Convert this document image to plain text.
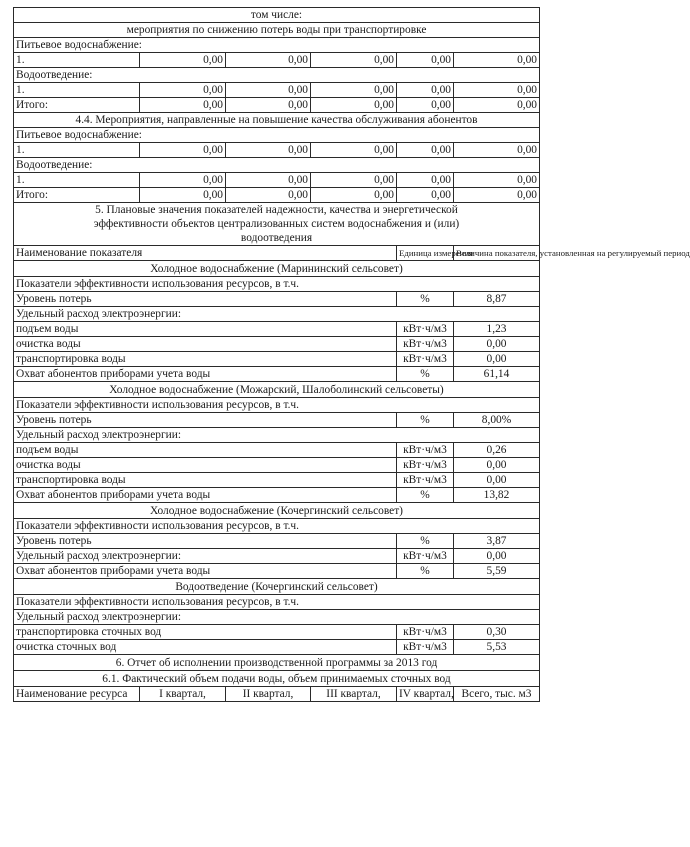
том числе:					
мероприятия по снижению потерь воды при транспортировке					
Питьевое водоснабжение:					
1.	0,00	0,00	0,00	0,00	0,00
Водоотведение:					
1.	0,00	0,00	0,00	0,00	0,00
Итого:	0,00	0,00	0,00	0,00	0,00
4.4. Мероприятия, направленные на повышение качества обслуживания абонентов					
Питьевое водоснабжение:					
1.	0,00	0,00	0,00	0,00	0,00
Водоотведение:					
1.	0,00	0,00	0,00	0,00	0,00
Итого:	0,00	0,00	0,00	0,00	0,00
5. Плановые значения показателей надежности, качества и энергетической					
эффективности объектов централизованных систем водоснабжения и (или)					
водоотведения					
Наименование показателя				Единица измерения	Величина показателя, установленная на регулируемый период
Холодное водоснабжение (Марининский сельсовет)					
Показатели эффективности использования ресурсов, в т.ч.					
Уровень потерь				%	8,87
Удельный расход электроэнергии:					
подъем воды				кВт·ч/м3	1,23
очистка воды				кВт·ч/м3	0,00
транспортировка воды				кВт·ч/м3	0,00
Охват абонентов приборами учета воды				%	61,14
Холодное водоснабжение (Можарский, Шалоболинский сельсоветы)					
Показатели эффективности использования ресурсов, в т.ч.					
Уровень потерь				%	8,00%
Удельный расход электроэнергии:					
подъем воды				кВт·ч/м3	0,26
очистка воды				кВт·ч/м3	0,00
транспортировка воды				кВт·ч/м3	0,00
Охват абонентов приборами учета воды				%	13,82
Холодное водоснабжение (Кочергинский сельсовет)					
Показатели эффективности использования ресурсов, в т.ч.					
Уровень потерь				%	3,87
Удельный расход электроэнергии:				кВт·ч/м3	0,00
Охват абонентов приборами учета воды				%	5,59
Водоотведение (Кочергинский сельсовет)					
Показатели эффективности использования ресурсов, в т.ч.					
Удельный расход электроэнергии:					
транспортировка сточных вод				кВт·ч/м3	0,30
очистка сточных вод				кВт·ч/м3	5,53
6. Отчет об исполнении производственной программы за 2013 год					
6.1. Фактический объем подачи воды, объем принимаемых сточных вод					
Наименование ресурса	I квартал,	II квартал,	III квартал,	IV квартал,	Всего, тыс. м3
